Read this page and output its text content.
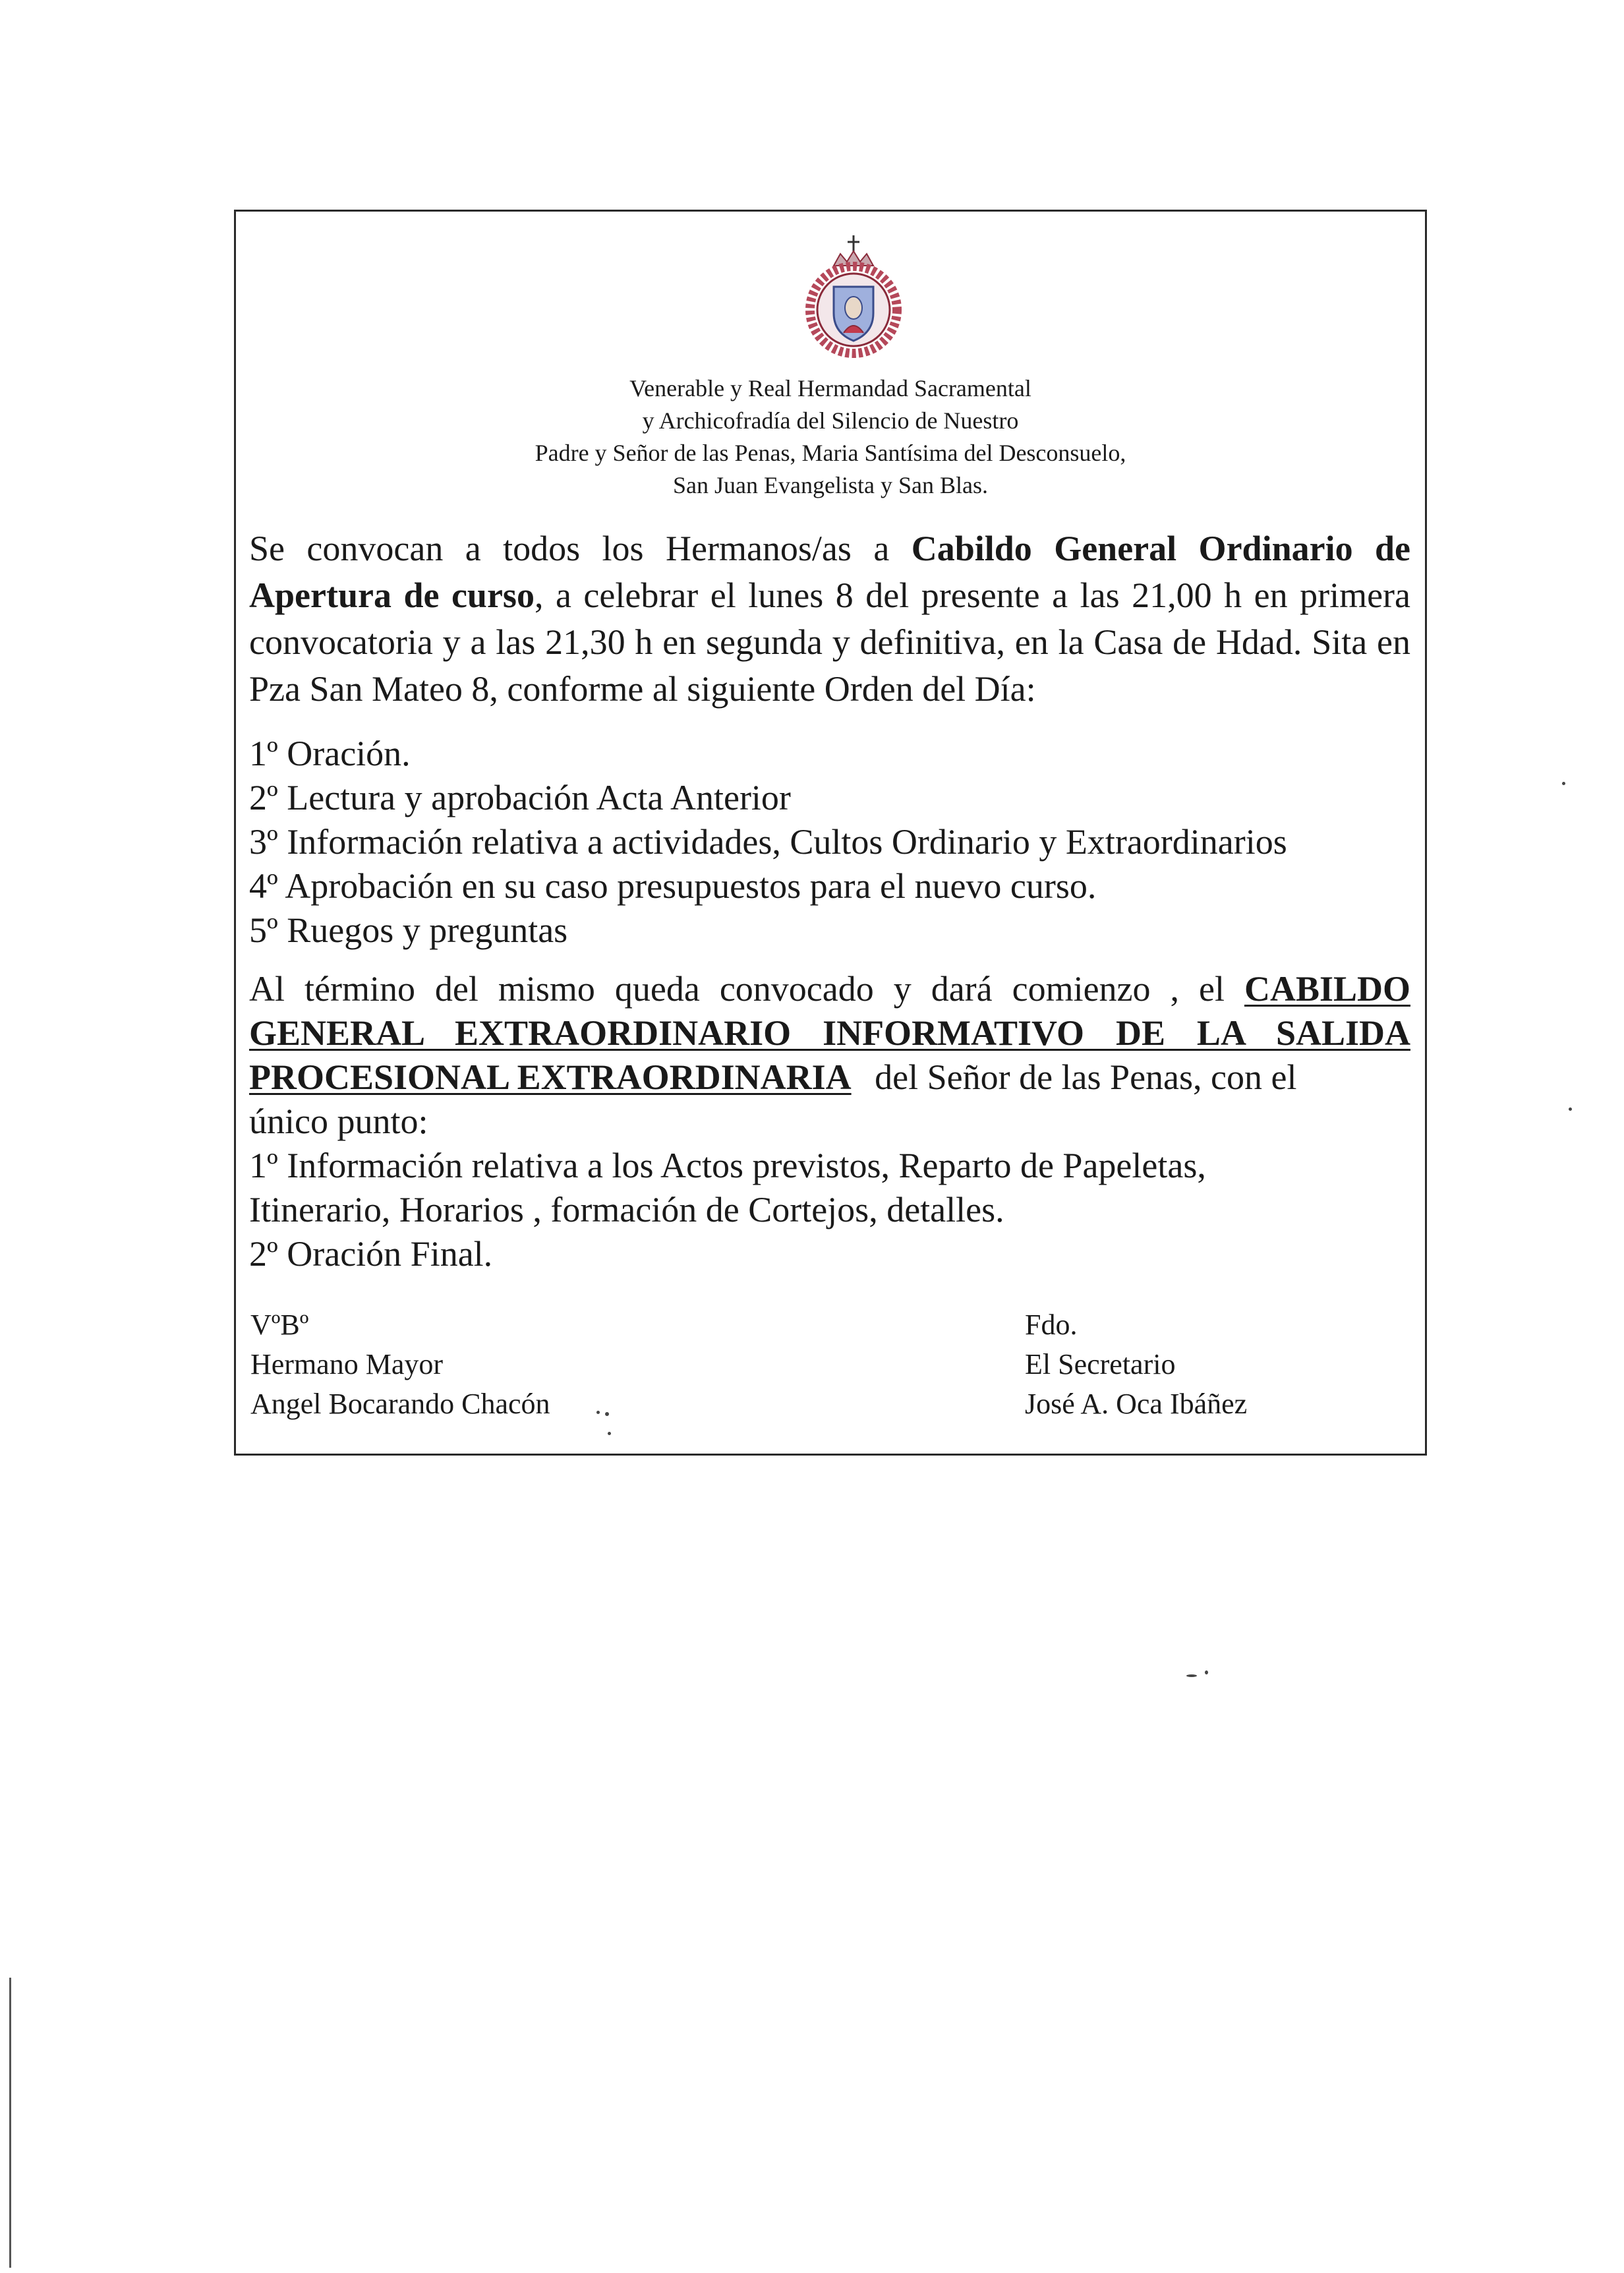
Venerable y Real Hermandad Sacramental
y Archicofradía del Silencio de Nuestro
Padre y Señor de las Penas, Maria Santísima del Desconsuelo,
San Juan Evangelista y San Blas.
Se convocan a todos los Hermanos/as a Cabildo General Ordinario de Apertura de curso, a celebrar el lunes 8 del presente a las 21,00 h en primera convocatoria y a las 21,30 h en segunda y definitiva, en la Casa de Hdad. Sita en Pza San Mateo 8, conforme al siguiente Orden del Día:
1º Oración.
2º Lectura y aprobación Acta Anterior
3º Información relativa a actividades, Cultos Ordinario y Extraordinarios
4º Aprobación en su caso presupuestos para el nuevo curso.
5º Ruegos y preguntas
Al término del mismo queda convocado y dará comienzo , el CABILDO
GENERAL EXTRAORDINARIO INFORMATIVO DE LA SALIDA
PROCESIONAL EXTRAORDINARIA del Señor de las Penas, con el
único punto:
1º Información relativa a los Actos previstos, Reparto de Papeletas,
Itinerario, Horarios , formación de Cortejos, detalles.
2º Oración Final.
VºBº
Hermano Mayor
Angel Bocarando Chacón
Fdo.
El Secretario
José A. Oca Ibáñez
